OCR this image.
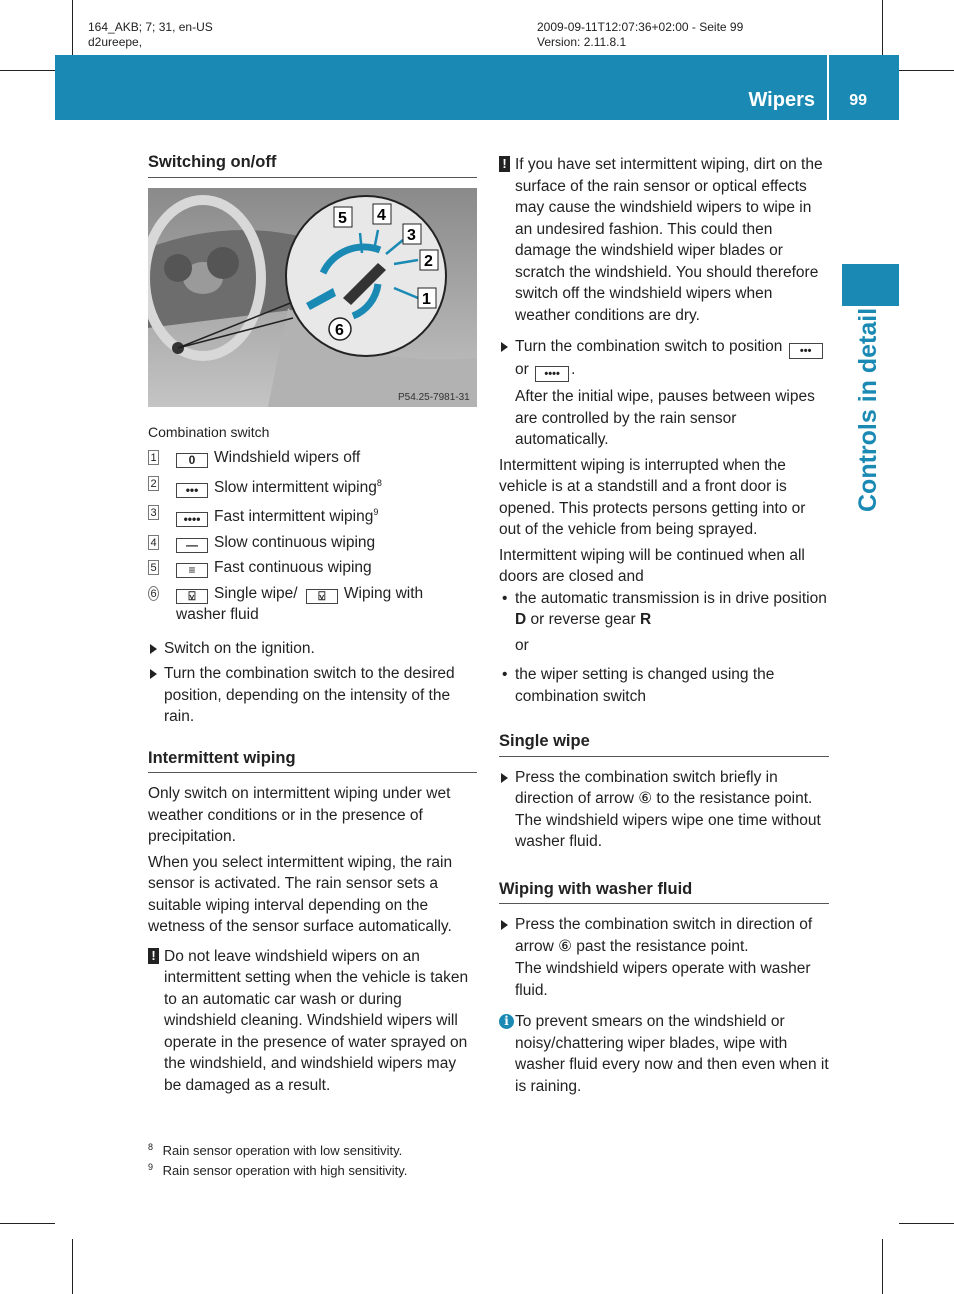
164_AKB; 7; 31, en-US
d2ureepe,
2009-09-11T12:07:36+02:00 - Seite 99
Version: 2.11.8.1
Wipers 99
Controls in detail
Switching on/off
5 4
3
2
1
6
P54.25-7981-31
Combination switch
1	0 Windshield wipers off
2 ••• Slow intermittent wiping$^8$
3 •••• Fast intermittent wiping$^9$
4 — Slow continuous wiping
5	≡ Fast continuous wiping
6	⍌ Single wipe/ ⍌ Wiping with washer fluid
Switch on the ignition.
Turn the combination switch to the desired position, depending on the intensity of the rain.
Intermittent wiping

Only switch on intermittent wiping under wet weather conditions or in the presence of precipitation.

When you select intermittent wiping, the rain sensor is activated. The rain sensor sets a suitable wiping interval depending on the wetness of the sensor surface automatically.

! Do not leave windshield wipers on an intermittent setting when the vehicle is taken to an automatic car wash or during windshield cleaning. Windshield wipers will operate in the presence of water sprayed on the windshield, and windshield wipers may be damaged as a result.
! If you have set intermittent wiping, dirt on the surface of the rain sensor or optical effects may cause the windshield wipers to wipe in an undesired fashion. This could then damage the windshield wiper blades or scratch the windshield. You should therefore switch off the windshield wipers when weather conditions are dry.
Turn the combination switch to position ••• or •••• .
After the initial wipe, pauses between wipes are controlled by the rain sensor automatically.

Intermittent wiping is interrupted when the vehicle is at a standstill and a front door is opened. This protects persons getting into or out of the vehicle from being sprayed.

Intermittent wiping will be continued when all doors are closed and

• the automatic transmission is in drive position D or reverse gear R
or
• the wiper setting is changed using the combination switch
Single wipe
Press the combination switch briefly in direction of arrow ⑥ to the resistance point.
The windshield wipers wipe one time without washer fluid.
Wiping with washer fluid
Press the combination switch in direction of arrow ⑥ past the resistance point.
The windshield wipers operate with washer fluid.
i To prevent smears on the windshield or noisy/chattering wiper blades, wipe with washer fluid every now and then even when it is raining.
$^8$ Rain sensor operation with low sensitivity.
$^9$ Rain sensor operation with high sensitivity.
